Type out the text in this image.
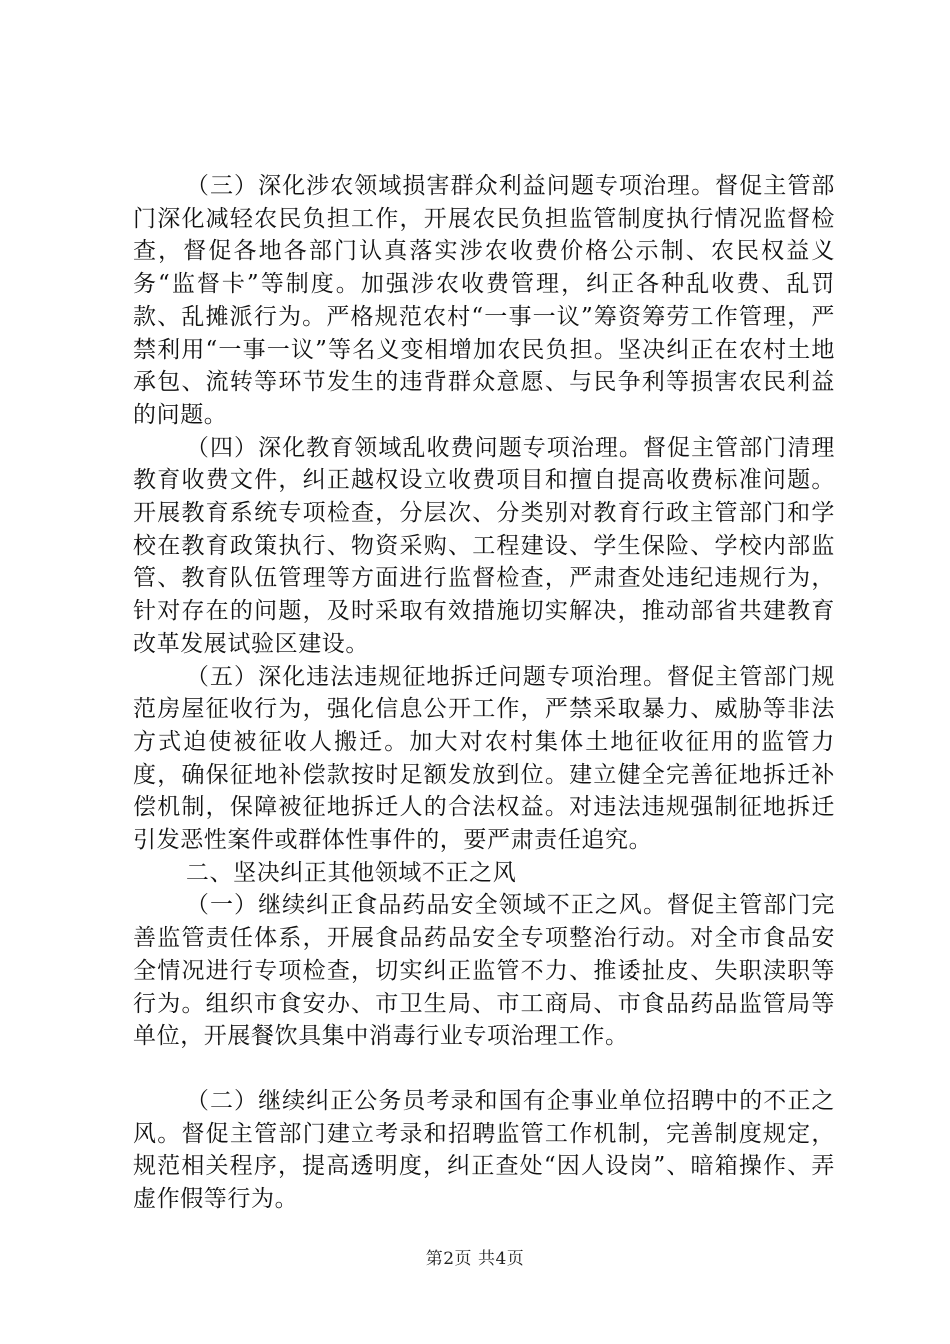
（三）深化涉农领域损害群众利益问题专项治理。督促主管部门深化减轻农民负担工作，开展农民负担监管制度执行情况监督检查，督促各地各部门认真落实涉农收费价格公示制、农民权益义务“监督卡”等制度。加强涉农收费管理，纠正各种乱收费、乱罚款、乱摊派行为。严格规范农村“一事一议”筹资筹劳工作管理，严禁利用“一事一议”等名义变相增加农民负担。坚决纠正在农村土地承包、流转等环节发生的违背群众意愿、与民争利等损害农民利益的问题。

（四）深化教育领域乱收费问题专项治理。督促主管部门清理教育收费文件，纠正越权设立收费项目和擅自提高收费标准问题。开展教育系统专项检查，分层次、分类别对教育行政主管部门和学校在教育政策执行、物资采购、工程建设、学生保险、学校内部监管、教育队伍管理等方面进行监督检查，严肃查处违纪违规行为，针对存在的问题，及时采取有效措施切实解决，推动部省共建教育改革发展试验区建设。

（五）深化违法违规征地拆迁问题专项治理。督促主管部门规范房屋征收行为，强化信息公开工作，严禁采取暴力、威胁等非法方式迫使被征收人搬迁。加大对农村集体土地征收征用的监管力度，确保征地补偿款按时足额发放到位。建立健全完善征地拆迁补偿机制，保障被征地拆迁人的合法权益。对违法违规强制征地拆迁引发恶性案件或群体性事件的，要严肃责任追究。

二、坚决纠正其他领域不正之风

（一）继续纠正食品药品安全领域不正之风。督促主管部门完善监管责任体系，开展食品药品安全专项整治行动。对全市食品安全情况进行专项检查，切实纠正监管不力、推诿扯皮、失职渎职等行为。组织市食安办、市卫生局、市工商局、市食品药品监管局等单位，开展餐饮具集中消毒行业专项治理工作。

（二）继续纠正公务员考录和国有企事业单位招聘中的不正之风。督促主管部门建立考录和招聘监管工作机制，完善制度规定，规范相关程序，提高透明度，纠正查处“因人设岗”、暗箱操作、弄虚作假等行为。

第2页 共4页
